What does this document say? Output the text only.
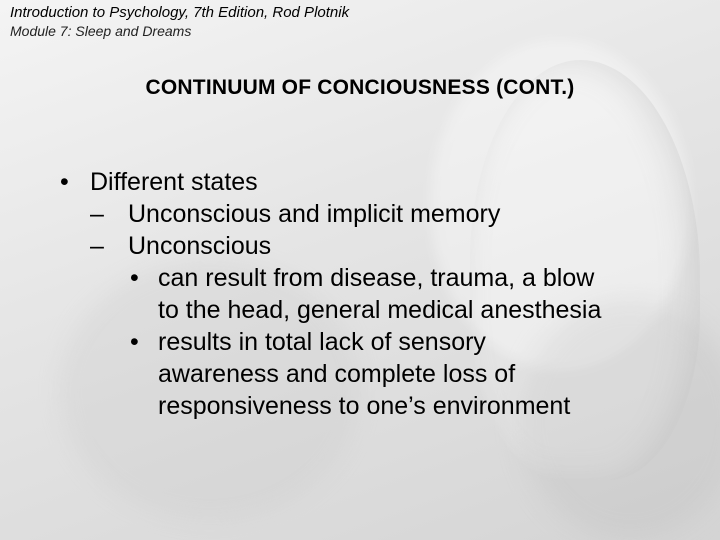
Introduction to Psychology, 7th Edition, Rod Plotnik
Module 7: Sleep and Dreams
CONTINUUM OF CONCIOUSNESS (CONT.)
• Different states
– Unconscious and implicit memory
– Unconscious
• can result from disease, trauma, a blow
to the head, general medical anesthesia
• results in total lack of sensory
awareness and complete loss of
responsiveness to one’s environment
